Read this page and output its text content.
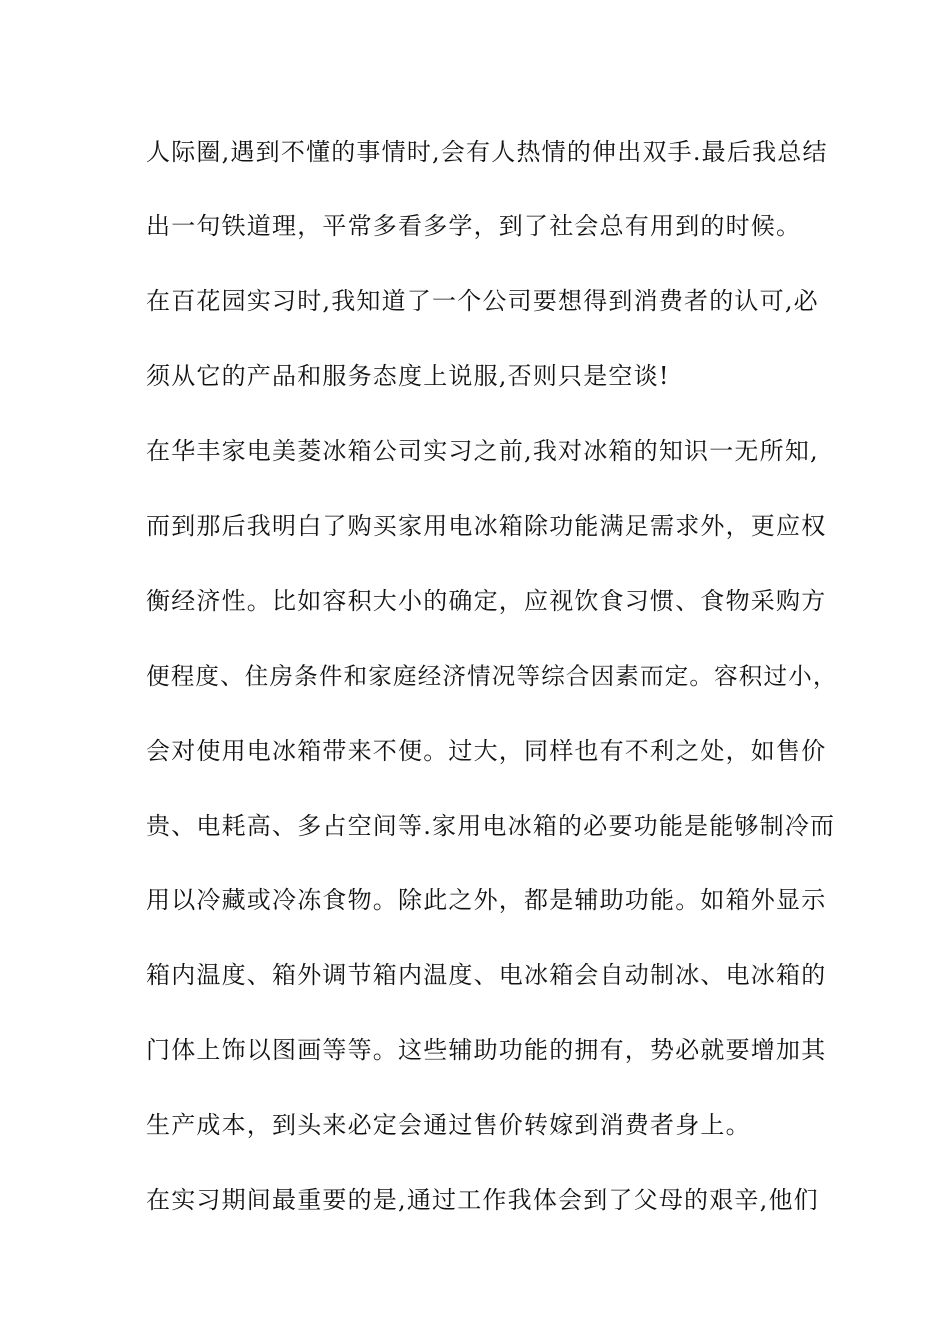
人际圈,遇到不懂的事情时,会有人热情的伸出双手.最后我总结
出一句铁道理，平常多看多学，到了社会总有用到的时候。
在百花园实习时,我知道了一个公司要想得到消费者的认可,必
须从它的产品和服务态度上说服,否则只是空谈!
在华丰家电美菱冰箱公司实习之前,我对冰箱的知识一无所知,
而到那后我明白了购买家用电冰箱除功能满足需求外，更应权
衡经济性。比如容积大小的确定，应视饮食习惯、食物采购方
便程度、住房条件和家庭经济情况等综合因素而定。容积过小，
会对使用电冰箱带来不便。过大，同样也有不利之处，如售价
贵、电耗高、多占空间等.家用电冰箱的必要功能是能够制冷而
用以冷藏或冷冻食物。除此之外，都是辅助功能。如箱外显示
箱内温度、箱外调节箱内温度、电冰箱会自动制冰、电冰箱的
门体上饰以图画等等。这些辅助功能的拥有，势必就要增加其
生产成本，到头来必定会通过售价转嫁到消费者身上。
在实习期间最重要的是,通过工作我体会到了父母的艰辛,他们
